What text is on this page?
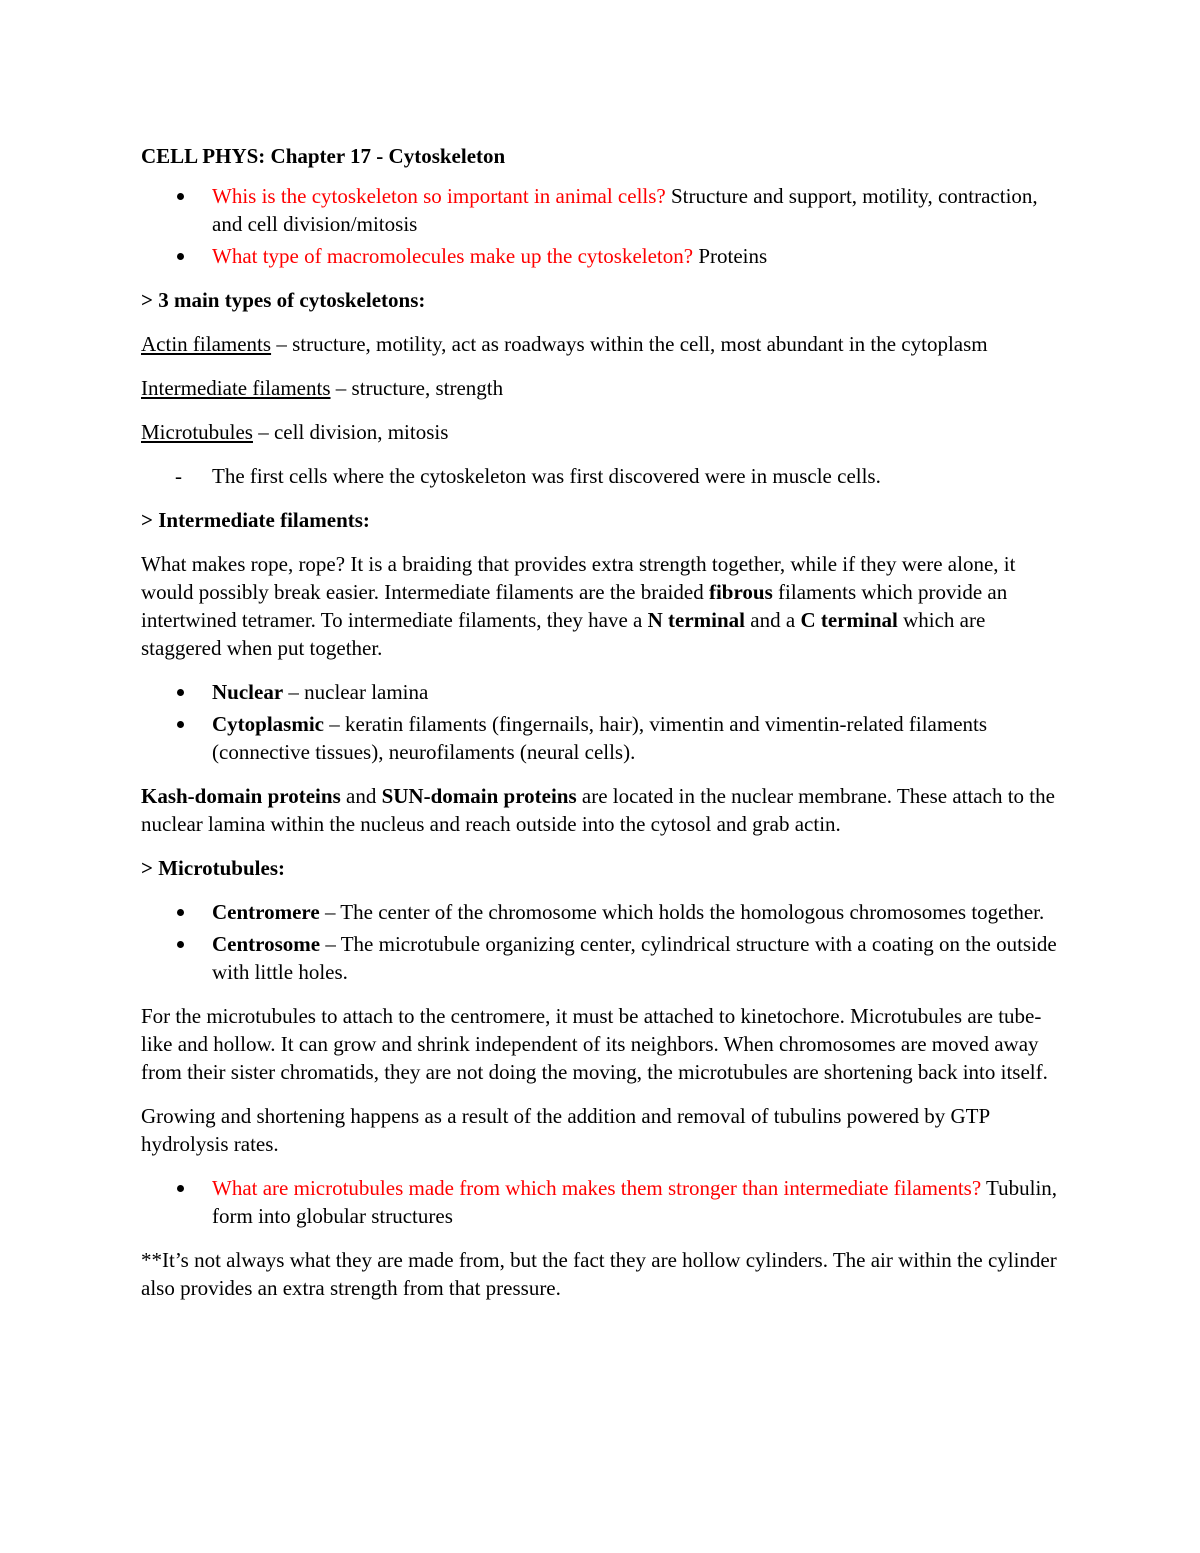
CELL PHYS: Chapter 17 - Cytoskeleton

Whis is the cytoskeleton so important in animal cells? Structure and support, motility, contraction, and cell division/mitosis
What type of macromolecules make up the cytoskeleton? Proteins

> 3 main types of cytoskeletons:

Actin filaments – structure, motility, act as roadways within the cell, most abundant in the cytoplasm

Intermediate filaments – structure, strength

Microtubules – cell division, mitosis

- The first cells where the cytoskeleton was first discovered were in muscle cells.

> Intermediate filaments:

What makes rope, rope? It is a braiding that provides extra strength together, while if they were alone, it would possibly break easier. Intermediate filaments are the braided fibrous filaments which provide an intertwined tetramer. To intermediate filaments, they have a N terminal and a C terminal which are staggered when put together.

Nuclear – nuclear lamina
Cytoplasmic – keratin filaments (fingernails, hair), vimentin and vimentin-related filaments (connective tissues), neurofilaments (neural cells).

Kash-domain proteins and SUN-domain proteins are located in the nuclear membrane. These attach to the nuclear lamina within the nucleus and reach outside into the cytosol and grab actin.

> Microtubules:

Centromere – The center of the chromosome which holds the homologous chromosomes together.
Centrosome – The microtubule organizing center, cylindrical structure with a coating on the outside with little holes.

For the microtubules to attach to the centromere, it must be attached to kinetochore. Microtubules are tube-like and hollow. It can grow and shrink independent of its neighbors. When chromosomes are moved away from their sister chromatids, they are not doing the moving, the microtubules are shortening back into itself.

Growing and shortening happens as a result of the addition and removal of tubulins powered by GTP hydrolysis rates.

What are microtubules made from which makes them stronger than intermediate filaments? Tubulin, form into globular structures

**It’s not always what they are made from, but the fact they are hollow cylinders. The air within the cylinder also provides an extra strength from that pressure.
